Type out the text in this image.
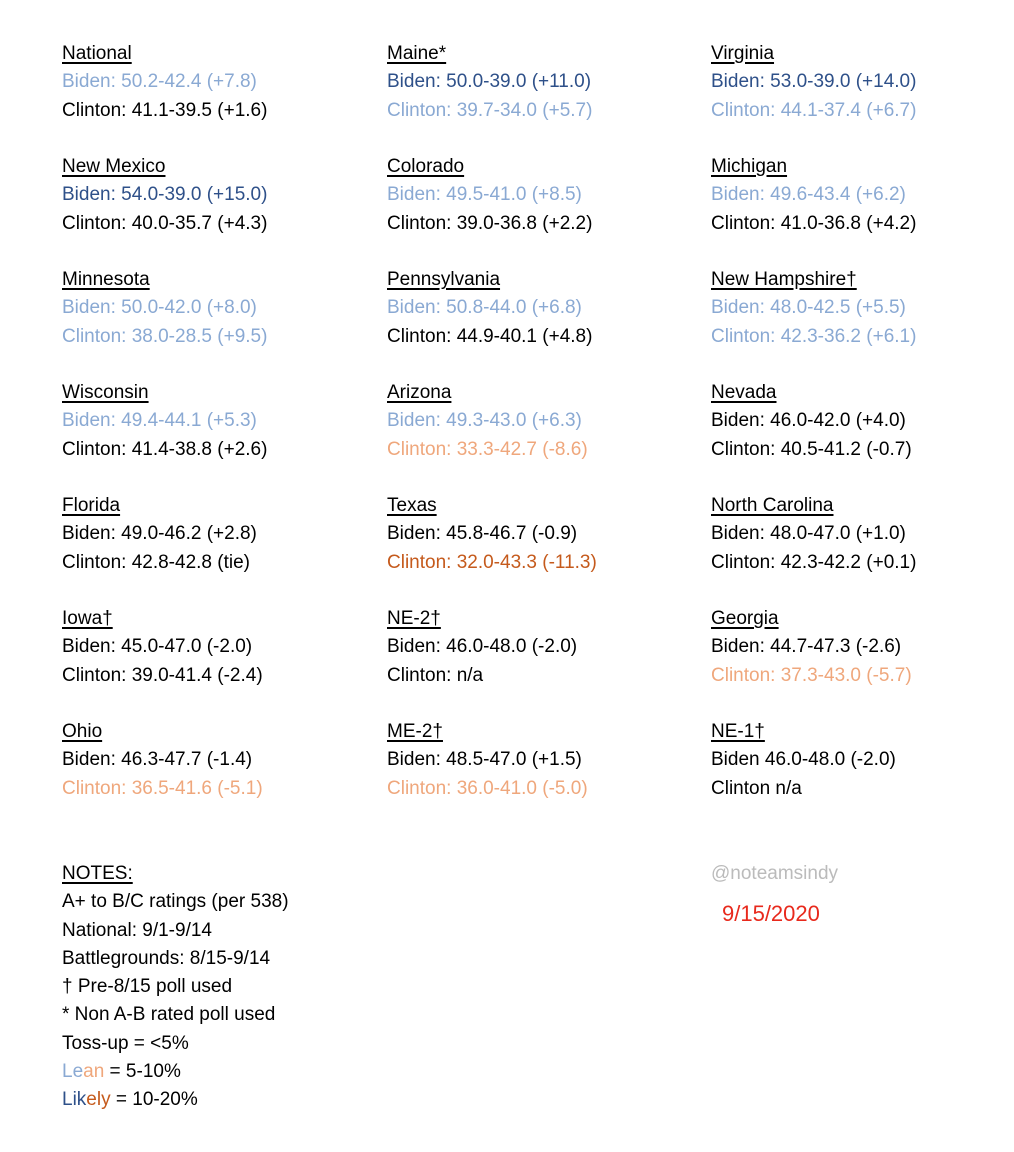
National
Biden: 50.2-42.4 (+7.8)
Clinton: 41.1-39.5 (+1.6)
New Mexico
Biden: 54.0-39.0 (+15.0)
Clinton: 40.0-35.7 (+4.3)
Minnesota
Biden: 50.0-42.0 (+8.0)
Clinton: 38.0-28.5 (+9.5)
Wisconsin
Biden: 49.4-44.1 (+5.3)
Clinton: 41.4-38.8 (+2.6)
Florida
Biden: 49.0-46.2 (+2.8)
Clinton: 42.8-42.8 (tie)
Iowa†
Biden: 45.0-47.0 (-2.0)
Clinton: 39.0-41.4 (-2.4)
Ohio
Biden: 46.3-47.7 (-1.4)
Clinton: 36.5-41.6 (-5.1)
Maine*
Biden: 50.0-39.0 (+11.0)
Clinton: 39.7-34.0 (+5.7)
Colorado
Biden: 49.5-41.0 (+8.5)
Clinton: 39.0-36.8 (+2.2)
Pennsylvania
Biden: 50.8-44.0 (+6.8)
Clinton: 44.9-40.1 (+4.8)
Arizona
Biden: 49.3-43.0 (+6.3)
Clinton: 33.3-42.7 (-8.6)
Texas
Biden: 45.8-46.7 (-0.9)
Clinton: 32.0-43.3 (-11.3)
NE-2†
Biden: 46.0-48.0 (-2.0)
Clinton: n/a
ME-2†
Biden: 48.5-47.0 (+1.5)
Clinton: 36.0-41.0 (-5.0)
Virginia
Biden: 53.0-39.0 (+14.0)
Clinton: 44.1-37.4 (+6.7)
Michigan
Biden: 49.6-43.4 (+6.2)
Clinton: 41.0-36.8 (+4.2)
New Hampshire†
Biden: 48.0-42.5 (+5.5)
Clinton: 42.3-36.2 (+6.1)
Nevada
Biden: 46.0-42.0 (+4.0)
Clinton: 40.5-41.2 (-0.7)
North Carolina
Biden: 48.0-47.0 (+1.0)
Clinton: 42.3-42.2 (+0.1)
Georgia
Biden: 44.7-47.3 (-2.6)
Clinton: 37.3-43.0 (-5.7)
NE-1†
Biden 46.0-48.0 (-2.0)
Clinton n/a
NOTES:
A+ to B/C ratings (per 538)
National: 9/1-9/14
Battlegrounds: 8/15-9/14
† Pre-8/15 poll used
* Non A-B rated poll used
Toss-up = <5%
Lean = 5-10%
Likely = 10-20%
@noteamsindy
9/15/2020
